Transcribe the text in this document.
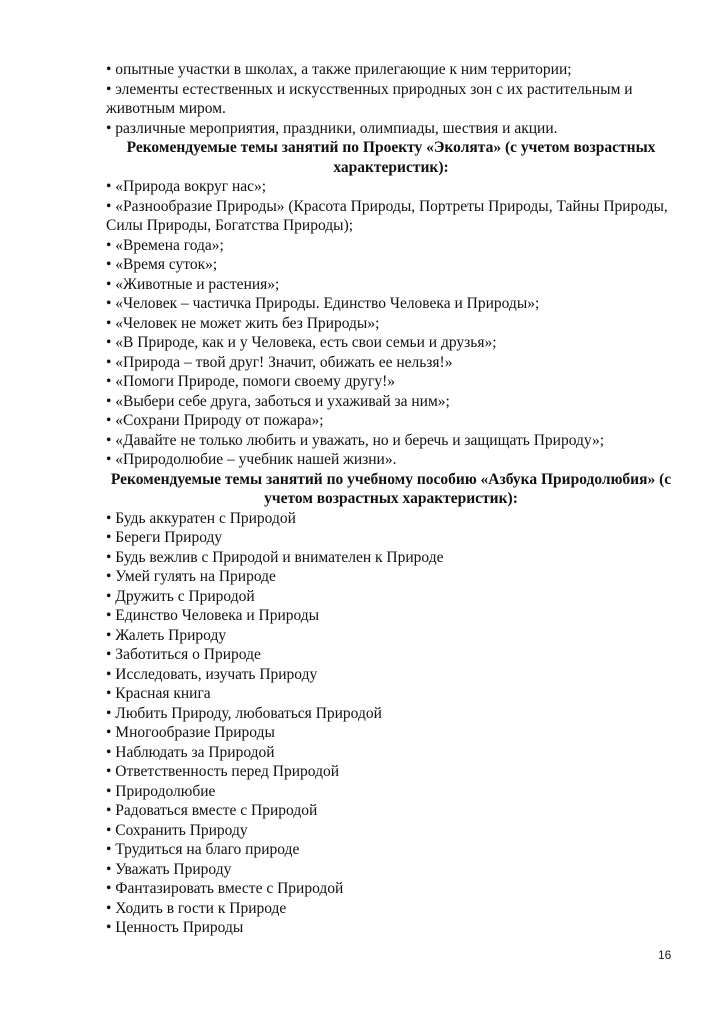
• опытные участки в школах, а также прилегающие к ним территории;

• элементы естественных и искусственных природных зон с их растительным и животным миром.

• различные мероприятия, праздники, олимпиады, шествия и акции.

Рекомендуемые темы занятий по Проекту «Эколята» (с учетом возрастных характеристик):

• «Природа вокруг нас»;

• «Разнообразие Природы» (Красота Природы, Портреты Природы, Тайны Природы, Силы Природы, Богатства Природы);

• «Времена года»;

• «Время суток»;

• «Животные и растения»;

• «Человек – частичка Природы. Единство Человека и Природы»;

• «Человек не может жить без Природы»;

• «В Природе, как и у Человека, есть свои семьи и друзья»;

• «Природа – твой друг! Значит, обижать ее нельзя!»

• «Помоги Природе, помоги своему другу!»

• «Выбери себе друга, заботься и ухаживай за ним»;

• «Сохрани Природу от пожара»;

• «Давайте не только любить и уважать, но и беречь и защищать Природу»;

• «Природолюбие – учебник нашей жизни».

Рекомендуемые темы занятий по учебному пособию «Азбука Природолюбия» (с учетом возрастных характеристик):

• Будь аккуратен с Природой

• Береги Природу

• Будь вежлив с Природой и внимателен к Природе

• Умей гулять на Природе

• Дружить с Природой

• Единство Человека и Природы

• Жалеть Природу

• Заботиться о Природе

• Исследовать, изучать Природу

• Красная книга

• Любить Природу, любоваться Природой

• Многообразие Природы

• Наблюдать за Природой

• Ответственность перед Природой

• Природолюбие

• Радоваться вместе с Природой

• Сохранить Природу

• Трудиться на благо природе

• Уважать Природу

• Фантазировать вместе с Природой

• Ходить в гости к Природе

• Ценность Природы

16
